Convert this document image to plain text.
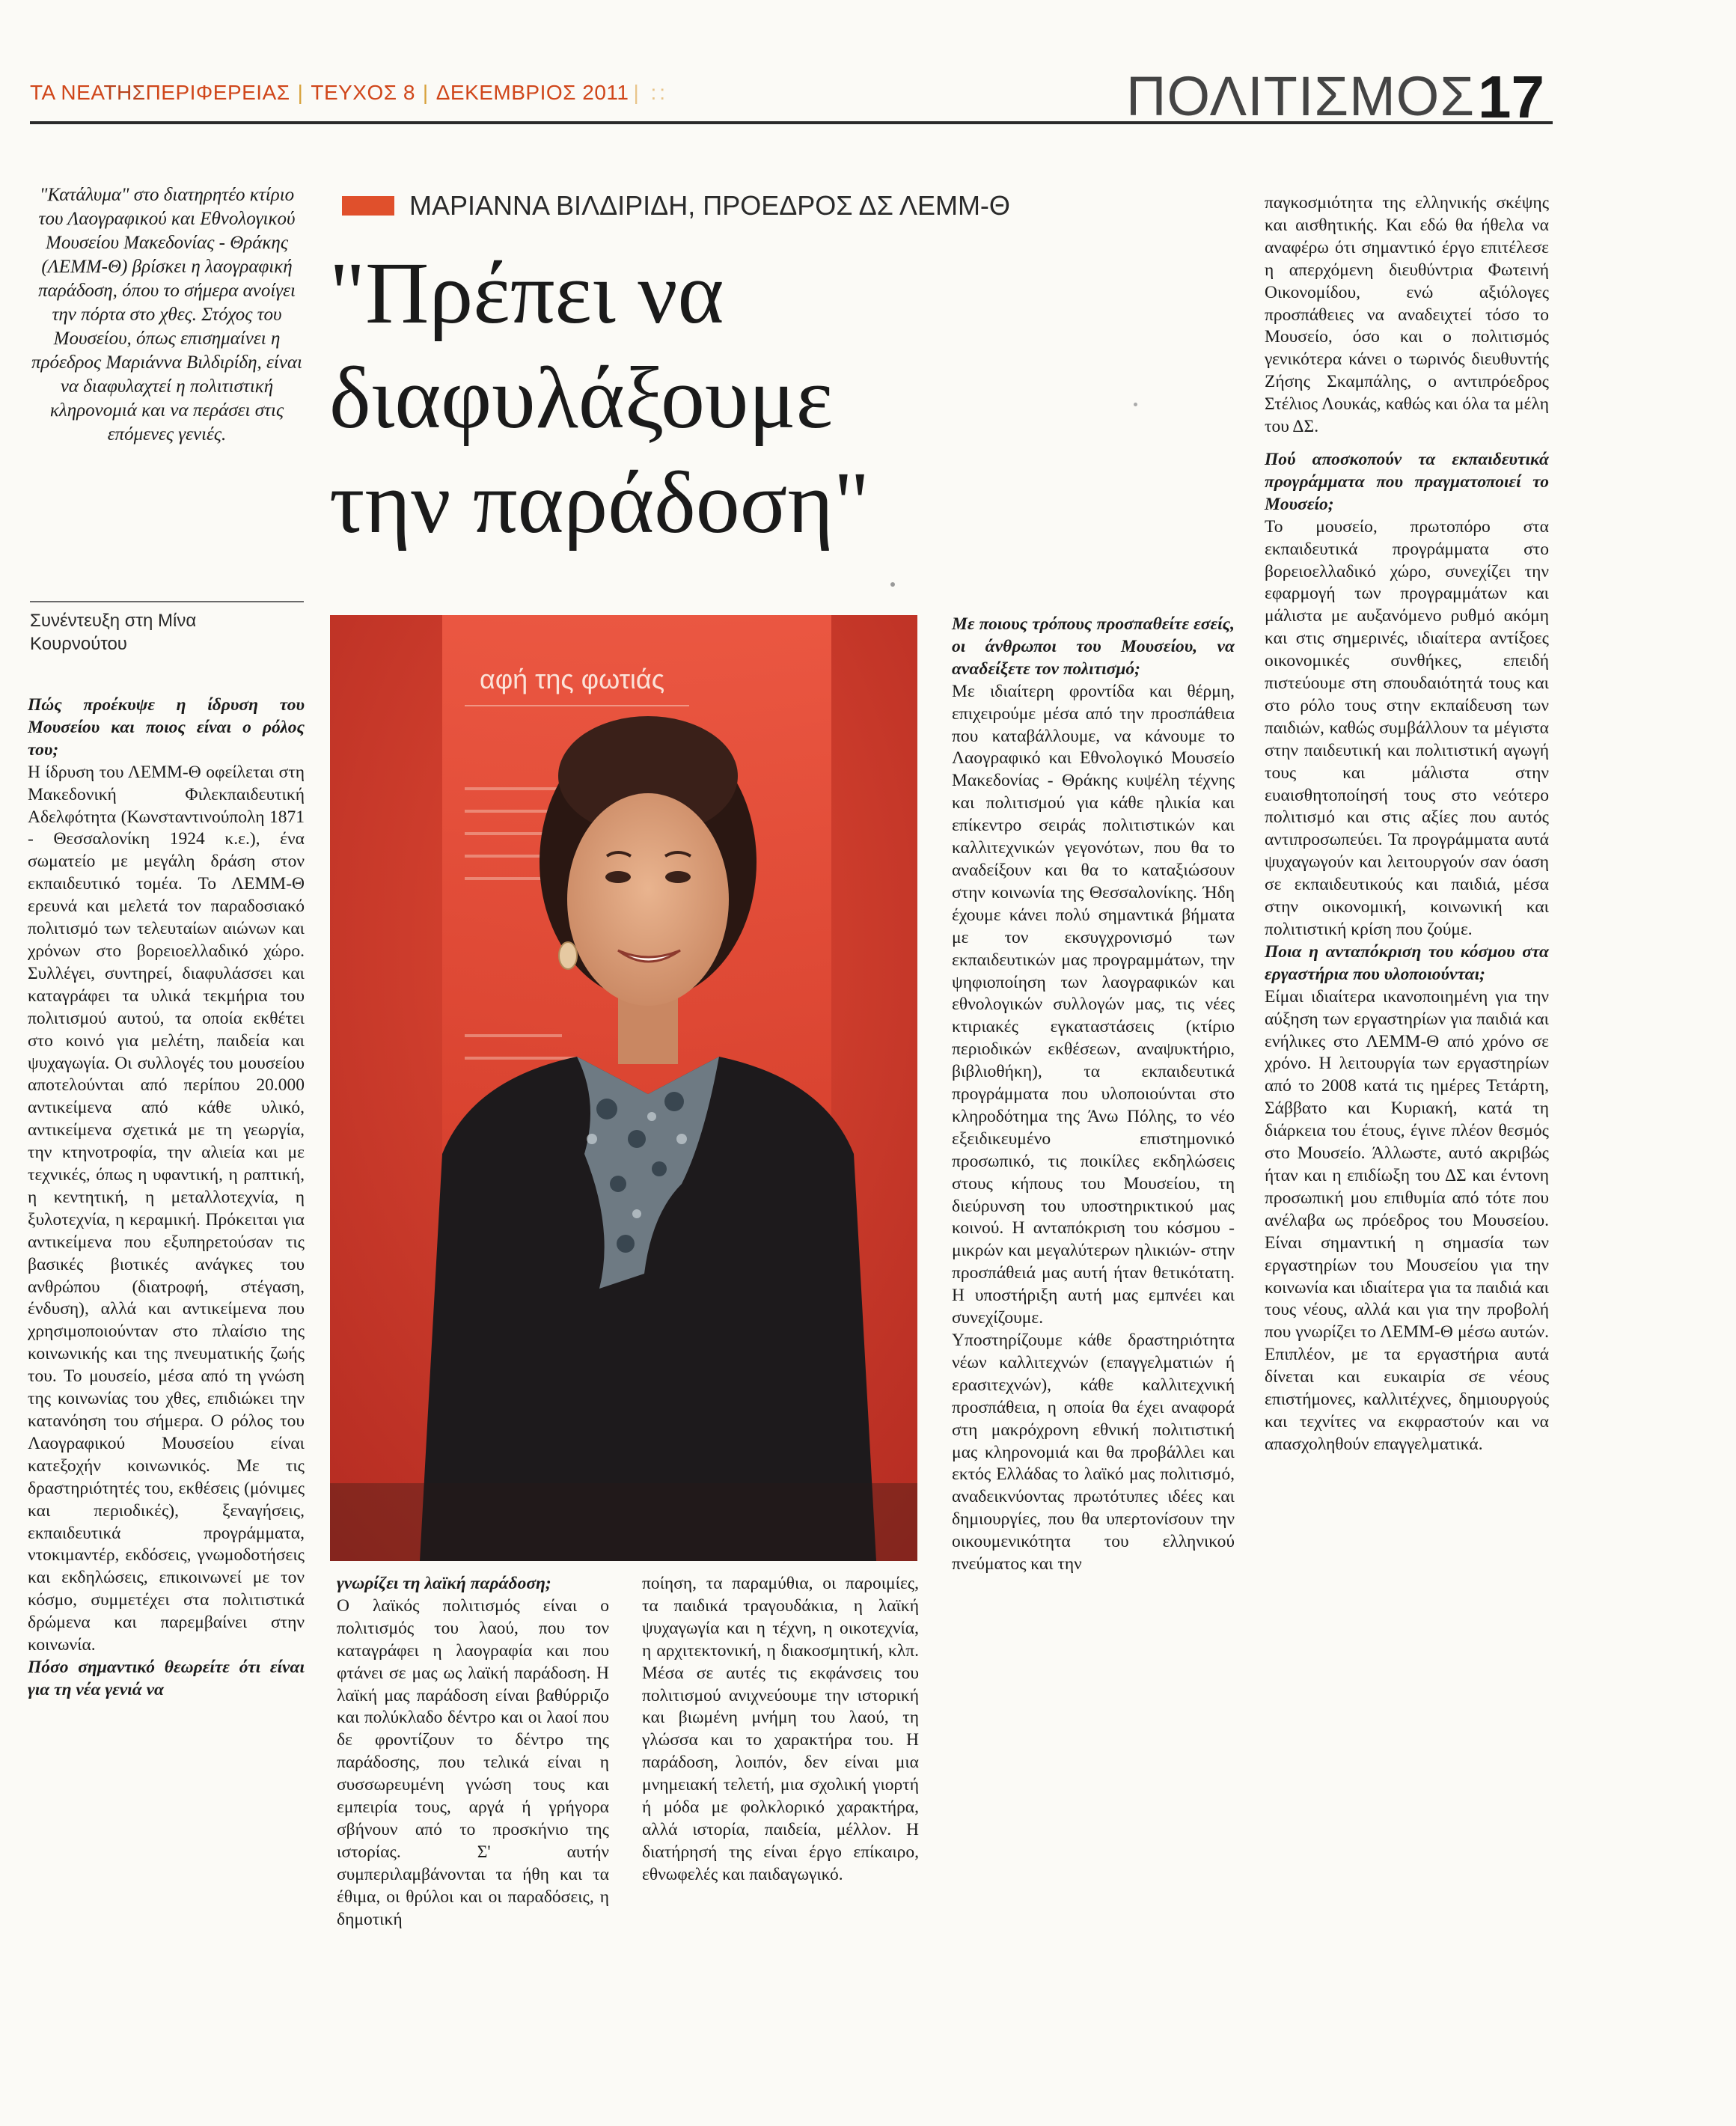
ΤΑ ΝΕΑΤΗΣΠΕΡΙΦΕΡΕΙΑΣ | ΤΕΥΧΟΣ 8 | ΔΕΚΕΜΒΡΙΟΣ 2011 | ::	ΠΟΛΙΤΙΣΜΟΣ 17
"Κατάλυμα" στο διατηρητέο κτίριο του Λαογραφικού και Εθνολογικού Μουσείου Μακεδονίας - Θράκης (ΛΕΜΜ-Θ) βρίσκει η λαογραφική παράδοση, όπου το σήμερα ανοίγει την πόρτα στο χθες. Στόχος του Μουσείου, όπως επισημαίνει η πρόεδρος Μαριάννα Βιλδιρίδη, είναι να διαφυλαχτεί η πολιτιστική κληρονομιά και να περάσει στις επόμενες γενιές.
Συνέντευξη στη Μίνα
Κουρνούτου
ΜΑΡΙΑΝΝΑ ΒΙΛΔΙΡΙΔΗ, ΠΡΟΕΔΡΟΣ ΔΣ ΛΕΜΜ-Θ
"Πρέπει να
διαφυλάξουμε
την παράδοση"
αφή της φωτιάς

Πώς προέκυψε η ίδρυση του Μουσείου και ποιος είναι ο ρόλος του;

Η ίδρυση του ΛΕΜΜ-Θ οφείλεται στη Μακεδονική Φιλεκπαιδευτική Αδελφότητα (Κωνσταντινούπολη 1871 - Θεσσαλονίκη 1924 κ.ε.), ένα σωματείο με μεγάλη δράση στον εκπαιδευτικό τομέα. Το ΛΕΜΜ-Θ ερευνά και μελετά τον παραδοσιακό πολιτισμό των τελευταίων αιώνων και χρόνων στο βορειοελλαδικό χώρο. Συλλέγει, συντηρεί, διαφυλάσσει και καταγράφει τα υλικά τεκμήρια του πολιτισμού αυτού, τα οποία εκθέτει στο κοινό για μελέτη, παιδεία και ψυχαγωγία. Οι συλλογές του μουσείου αποτελούνται από περίπου 20.000 αντικείμενα από κάθε υλικό, αντικείμενα σχετικά με τη γεωργία, την κτηνοτροφία, την αλιεία και με τεχνικές, όπως η υφαντική, η ραπτική, η κεντητική, η μεταλλοτεχνία, η ξυλοτεχνία, η κεραμική. Πρόκειται για αντικείμενα που εξυπηρετούσαν τις βασικές βιοτικές ανάγκες του ανθρώπου (διατροφή, στέγαση, ένδυση), αλλά και αντικείμενα που χρησιμοποιούνταν στο πλαίσιο της κοινωνικής και της πνευματικής ζωής του. Το μουσείο, μέσα από τη γνώση της κοινωνίας του χθες, επιδιώκει την κατανόηση του σήμερα. Ο ρόλος του Λαογραφικού Μουσείου είναι κατεξοχήν κοινωνικός. Με τις δραστηριότητές του, εκθέσεις (μόνιμες και περιοδικές), ξεναγήσεις, εκπαιδευτικά προγράμματα, ντοκιμαντέρ, εκδόσεις, γνωμοδοτήσεις και εκδηλώσεις, επικοινωνεί με τον κόσμο, συμμετέχει στα πολιτιστικά δρώμενα και παρεμβαίνει στην κοινωνία.

Πόσο σημαντικό θεωρείτε ότι είναι για τη νέα γενιά να

γνωρίζει τη λαϊκή παράδοση;

Ο λαϊκός πολιτισμός είναι ο πολιτισμός του λαού, που τον καταγράφει η λαογραφία και που φτάνει σε μας ως λαϊκή παράδοση. Η λαϊκή μας παράδοση είναι βαθύρριζο και πολύκλαδο δέντρο και οι λαοί που δε φροντίζουν το δέντρο της παράδοσης, που τελικά είναι η συσσωρευμένη γνώση τους και εμπειρία τους, αργά ή γρήγορα σβήνουν από το προσκήνιο της ιστορίας. Σ' αυτήν συμπεριλαμβάνονται τα ήθη και τα έθιμα, οι θρύλοι και οι παραδόσεις, η δημοτική

ποίηση, τα παραμύθια, οι παροιμίες, τα παιδικά τραγουδάκια, η λαϊκή ψυχαγωγία και η τέχνη, η οικοτεχνία, η αρχιτεκτονική, η διακοσμητική, κλπ. Μέσα σε αυτές τις εκφάνσεις του πολιτισμού ανιχνεύουμε την ιστορική και βιωμένη μνήμη του λαού, τη γλώσσα και το χαρακτήρα του. Η παράδοση, λοιπόν, δεν είναι μια μνημειακή τελετή, μια σχολική γιορτή ή μόδα με φολκλορικό χαρακτήρα, αλλά ιστορία, παιδεία, μέλλον. Η διατήρησή της είναι έργο επίκαιρο, εθνωφελές και παιδαγωγικό.

Με ποιους τρόπους προσπαθείτε εσείς, οι άνθρωποι του Μουσείου, να αναδείξετε τον πολιτισμό;

Με ιδιαίτερη φροντίδα και θέρμη, επιχειρούμε μέσα από την προσπάθεια που καταβάλλουμε, να κάνουμε το Λαογραφικό και Εθνολογικό Μουσείο Μακεδονίας - Θράκης κυψέλη τέχνης και πολιτισμού για κάθε ηλικία και επίκεντρο σειράς πολιτιστικών και καλλιτεχνικών γεγονότων, που θα το αναδείξουν και θα το καταξιώσουν στην κοινωνία της Θεσσαλονίκης. Ήδη έχουμε κάνει πολύ σημαντικά βήματα με τον εκσυγχρονισμό των εκπαιδευτικών μας προγραμμάτων, την ψηφιοποίηση των λαογραφικών και εθνολογικών συλλογών μας, τις νέες κτιριακές εγκαταστάσεις (κτίριο περιοδικών εκθέσεων, αναψυκτήριο, βιβλιοθήκη), τα εκπαιδευτικά προγράμματα που υλοποιούνται στο κληροδότημα της Άνω Πόλης, το νέο εξειδικευμένο επιστημονικό προσωπικό, τις ποικίλες εκδηλώσεις στους κήπους του Μουσείου, τη διεύρυνση του υποστηρικτικού μας κοινού. Η ανταπόκριση του κόσμου - μικρών και μεγαλύτερων ηλικιών- στην προσπάθειά μας αυτή ήταν θετικότατη. Η υποστήριξη αυτή μας εμπνέει και συνεχίζουμε.

Υποστηρίζουμε κάθε δραστηριότητα νέων καλλιτεχνών (επαγγελματιών ή ερασιτεχνών), κάθε καλλιτεχνική προσπάθεια, η οποία θα έχει αναφορά στη μακρόχρονη εθνική πολιτιστική μας κληρονομιά και θα προβάλλει και εκτός Ελλάδας το λαϊκό μας πολιτισμό, αναδεικνύοντας πρωτότυπες ιδέες και δημιουργίες, που θα υπερτονίσουν την οικουμενικότητα του ελληνικού πνεύματος και την

παγκοσμιότητα της ελληνικής σκέψης και αισθητικής. Και εδώ θα ήθελα να αναφέρω ότι σημαντικό έργο επιτέλεσε η απερχόμενη διευθύντρια Φωτεινή Οικονομίδου, ενώ αξιόλογες προσπάθειες να αναδειχτεί τόσο το Μουσείο, όσο και ο πολιτισμός γενικότερα κάνει ο τωρινός διευθυντής Ζήσης Σκαμπάλης, ο αντιπρόεδρος Στέλιος Λουκάς, καθώς και όλα τα μέλη του ΔΣ.

Πού αποσκοπούν τα εκπαιδευτικά προγράμματα που πραγματοποιεί το Μουσείο;

Το μουσείο, πρωτοπόρο στα εκπαιδευτικά προγράμματα στο βορειοελλαδικό χώρο, συνεχίζει την εφαρμογή των προγραμμάτων και μάλιστα με αυξανόμενο ρυθμό ακόμη και στις σημερινές, ιδιαίτερα αντίξοες οικονομικές συνθήκες, επειδή πιστεύουμε στη σπουδαιότητά τους και στο ρόλο τους στην εκπαίδευση των παιδιών, καθώς συμβάλλουν τα μέγιστα στην παιδευτική και πολιτιστική αγωγή τους και μάλιστα στην ευαισθητοποίησή τους στο νεότερο πολιτισμό και στις αξίες που αυτός αντιπροσωπεύει. Τα προγράμματα αυτά ψυχαγωγούν και λειτουργούν σαν όαση σε εκπαιδευτικούς και παιδιά, μέσα στην οικονομική, κοινωνική και πολιτιστική κρίση που ζούμε.

Ποια η ανταπόκριση του κόσμου στα εργαστήρια που υλοποιούνται;

Είμαι ιδιαίτερα ικανοποιημένη για την αύξηση των εργαστηρίων για παιδιά και ενήλικες στο ΛΕΜΜ-Θ από χρόνο σε χρόνο. Η λειτουργία των εργαστηρίων από το 2008 κατά τις ημέρες Τετάρτη, Σάββατο και Κυριακή, κατά τη διάρκεια του έτους, έγινε πλέον θεσμός στο Μουσείο. Άλλωστε, αυτό ακριβώς ήταν και η επιδίωξη του ΔΣ και έντονη προσωπική μου επιθυμία από τότε που ανέλαβα ως πρόεδρος του Μουσείου. Είναι σημαντική η σημασία των εργαστηρίων του Μουσείου για την κοινωνία και ιδιαίτερα για τα παιδιά και τους νέους, αλλά και για την προβολή που γνωρίζει το ΛΕΜΜ-Θ μέσω αυτών. Επιπλέον, με τα εργαστήρια αυτά δίνεται και ευκαιρία σε νέους επιστήμονες, καλλιτέχνες, δημιουργούς και τεχνίτες να εκφραστούν και να απασχοληθούν επαγγελματικά.
